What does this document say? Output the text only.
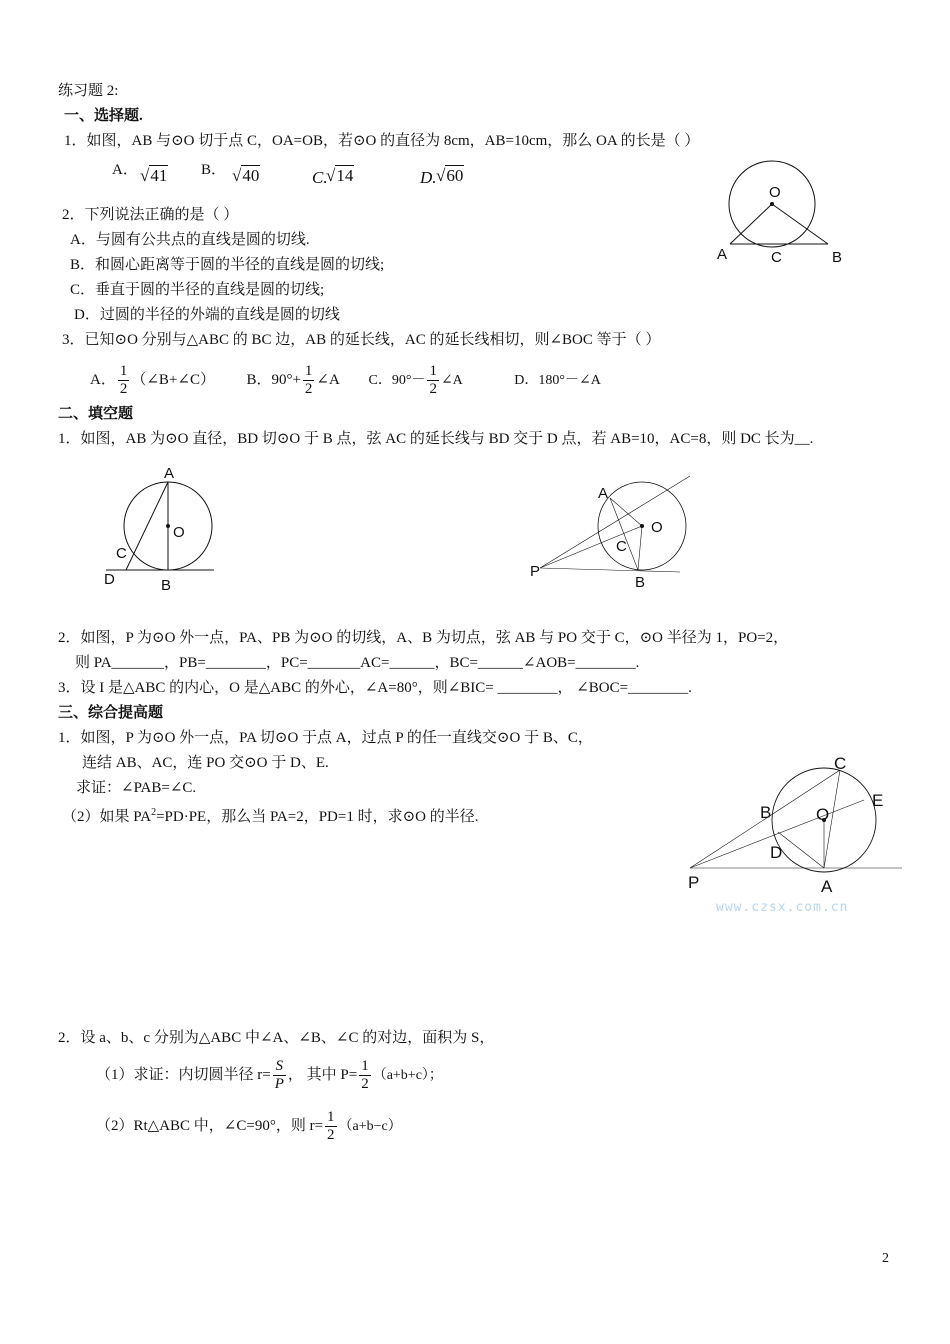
练习题 2:
一、选择题.
1．如图，AB 与⊙O 切于点 C，OA=OB，若⊙O 的直径为 8cm，AB=10cm，那么 OA 的长是（ ）
A． √41 B． √40	C.
√14	D. √60
2．下列说法正确的是（ ）
A．与圆有公共点的直线是圆的切线.
B．和圆心距离等于圆的半径的直线是圆的切线;
C．垂直于圆的半径的直线是圆的切线;
D．过圆的半径的外端的直线是圆的切线
3．已知⊙O 分别与△ABC 的 BC 边，AB 的延长线，AC 的延长线相切，则∠BOC 等于（ ）
A． $\frac{1}{2}$ （∠B+∠C） B．$90^\circ+ \frac{1}{2}$ ∠A C．$90^\circ- \frac{1}{2}$ ∠A	D．180°－∠A
O
A	C	B
二、填空题
1．如图，AB 为⊙O 直径，BD 切⊙O 于 B 点，弦 AC 的延长线与 BD 交于 D 点，若 AB=10，AC=8，则 DC 长为__.
A
O
C
D	B
A
O
C
P
B
2．如图，P 为⊙O 外一点，PA、PB 为⊙O 的切线，A、B 为切点，弦 AB 与 PO 交于 C，⊙O 半径为 1，PO=2，
则 PA_______，PB=________，PC=_______AC=______，BC=______∠AOB=________.
3．设 I 是△ABC 的内心，O 是△ABC 的外心，∠A=80°，则∠BIC= ________， ∠BOC=________.
三、综合提高题
1．如图，P 为⊙O 外一点，PA 切⊙O 于点 A，过点 P 的任一直线交⊙O 于 B、C，
连结 AB、AC，连 PO 交⊙O 于 D、E.
求证：∠PAB=∠C.
（2）如果 $PA^2=PD\cdot PE$，那么当 PA=2，PD=1 时，求⊙O 的半径.
C
E
B	O
D
P	A
www.czsx.com.cn
2．设 a、b、c 分别为△ABC 中∠A、∠B、∠C 的对边，面积为 S，
（1）求证：内切圆半径 $r= \frac{S}{P}$ ， 其中 $P= \frac{1}{2} (a+b+c)$；
（2）Rt△ABC 中，∠C=90°，则 $r= \frac{1}{2} (a+b-c)$
2
